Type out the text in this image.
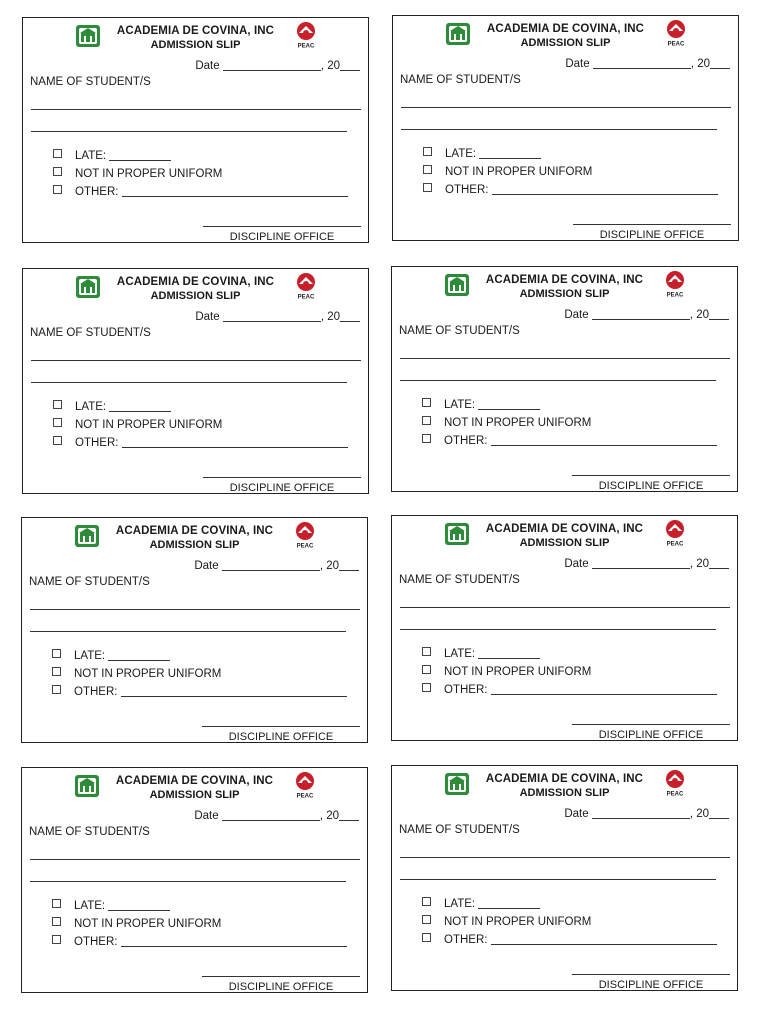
ACADEMIA DE COVINA, INC
ADMISSION SLIP	PEAC
Date	, 20
NAME OF STUDENT/S
LATE:
NOT IN PROPER UNIFORM
OTHER:
DISCIPLINE OFFICE
ACADEMIA DE COVINA, INC
ADMISSION SLIP	PEAC
Date	, 20
NAME OF STUDENT/S
LATE:
NOT IN PROPER UNIFORM
OTHER:
DISCIPLINE OFFICE
ACADEMIA DE COVINA, INC
ADMISSION SLIP	PEAC
Date	, 20
NAME OF STUDENT/S
LATE:
NOT IN PROPER UNIFORM
OTHER:
DISCIPLINE OFFICE
ACADEMIA DE COVINA, INC
ADMISSION SLIP	PEAC
Date	, 20
NAME OF STUDENT/S
LATE:
NOT IN PROPER UNIFORM
OTHER:
DISCIPLINE OFFICE
ACADEMIA DE COVINA, INC
ADMISSION SLIP	PEAC
Date	, 20
NAME OF STUDENT/S
LATE:
NOT IN PROPER UNIFORM
OTHER:
DISCIPLINE OFFICE
ACADEMIA DE COVINA, INC
ADMISSION SLIP	PEAC
Date	, 20
NAME OF STUDENT/S
LATE:
NOT IN PROPER UNIFORM
OTHER:
DISCIPLINE OFFICE
ACADEMIA DE COVINA, INC
ADMISSION SLIP	PEAC
Date	, 20
NAME OF STUDENT/S
LATE:
NOT IN PROPER UNIFORM
OTHER:
DISCIPLINE OFFICE
ACADEMIA DE COVINA, INC
ADMISSION SLIP	PEAC
Date	, 20
NAME OF STUDENT/S
LATE:
NOT IN PROPER UNIFORM
OTHER:
DISCIPLINE OFFICE
